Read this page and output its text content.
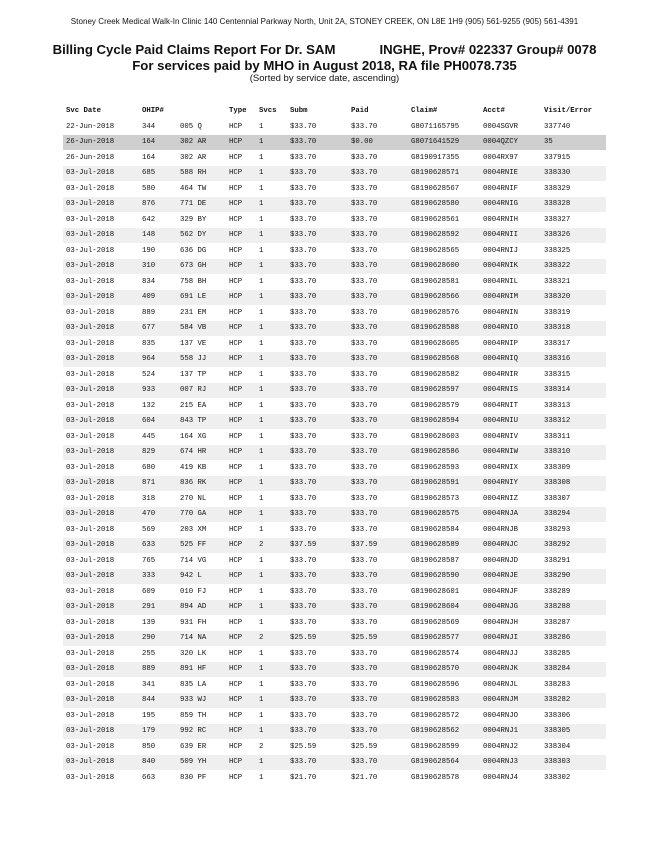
Stoney Creek Medical Walk-In Clinic 140 Centennial Parkway North, Unit 2A, STONEY CREEK, ON L8E 1H9 (905) 561-9255 (905) 561-4391
Billing Cycle Paid Claims Report For Dr. SAM	INGHE, Prov# 022337 Group# 0078
For services paid by MHO in August 2018, RA file PH0078.735
(Sorted by service date, ascending)
Svc Date	OHIP#		Type	Svcs	Subm	Paid	Claim#	Acct#	Visit/Error
22-Jun-2018	344	005 Q	HCP	1	$33.70	$33.70	G8071165795	0004SGVR	337740
26-Jun-2018	164	302 AR	HCP	1	$33.70	$0.00	G8071641529	0004QZCY	35
26-Jun-2018	164	302 AR	HCP	1	$33.70	$33.70	G8190917355	0004RX97	337915
03-Jul-2018	685	588 RH	HCP	1	$33.70	$33.70	G8190628571	0004RNIE	338330
03-Jul-2018	580	464 TW	HCP	1	$33.70	$33.70	G8190628567	0004RNIF	338329
03-Jul-2018	876	771 DE	HCP	1	$33.70	$33.70	G8190628580	0004RNIG	338328
03-Jul-2018	642	329 BY	HCP	1	$33.70	$33.70	G8190628561	0004RNIH	338327
03-Jul-2018	148	562 DY	HCP	1	$33.70	$33.70	G8190628592	0004RNII	338326
03-Jul-2018	190	636 DG	HCP	1	$33.70	$33.70	G8190628565	0004RNIJ	338325
03-Jul-2018	310	673 GH	HCP	1	$33.70	$33.70	G8190628600	0004RNIK	338322
03-Jul-2018	834	758 BH	HCP	1	$33.70	$33.70	G8190628581	0004RNIL	338321
03-Jul-2018	409	691 LE	HCP	1	$33.70	$33.70	G8190628566	0004RNIM	338320
03-Jul-2018	889	231 EM	HCP	1	$33.70	$33.70	G8190628576	0004RNIN	338319
03-Jul-2018	677	584 VB	HCP	1	$33.70	$33.70	G8190628588	0004RNIO	338318
03-Jul-2018	835	137 VE	HCP	1	$33.70	$33.70	G8190628605	0004RNIP	338317
03-Jul-2018	964	558 JJ	HCP	1	$33.70	$33.70	G8190628568	0004RNIQ	338316
03-Jul-2018	524	137 TP	HCP	1	$33.70	$33.70	G8190628582	0004RNIR	338315
03-Jul-2018	933	007 RJ	HCP	1	$33.70	$33.70	G8190628597	0004RNIS	338314
03-Jul-2018	132	215 EA	HCP	1	$33.70	$33.70	G8190628579	0004RNIT	338313
03-Jul-2018	604	843 TP	HCP	1	$33.70	$33.70	G8190628594	0004RNIU	338312
03-Jul-2018	445	164 XG	HCP	1	$33.70	$33.70	G8190628603	0004RNIV	338311
03-Jul-2018	829	674 HR	HCP	1	$33.70	$33.70	G8190628586	0004RNIW	338310
03-Jul-2018	680	419 KB	HCP	1	$33.70	$33.70	G8190628593	0004RNIX	338309
03-Jul-2018	871	836 RK	HCP	1	$33.70	$33.70	G8190628591	0004RNIY	338308
03-Jul-2018	318	270 NL	HCP	1	$33.70	$33.70	G8190628573	0004RNIZ	338307
03-Jul-2018	470	770 GA	HCP	1	$33.70	$33.70	G8190628575	0004RNJA	338294
03-Jul-2018	569	203 XM	HCP	1	$33.70	$33.70	G8190628584	0004RNJB	338293
03-Jul-2018	633	525 FF	HCP	2	$37.59	$37.59	G8190628589	0004RNJC	338292
03-Jul-2018	765	714 VG	HCP	1	$33.70	$33.70	G8190628587	0004RNJD	338291
03-Jul-2018	333	942 L	HCP	1	$33.70	$33.70	G8190628590	0004RNJE	338290
03-Jul-2018	609	010 FJ	HCP	1	$33.70	$33.70	G8190628601	0004RNJF	338289
03-Jul-2018	291	894 AD	HCP	1	$33.70	$33.70	G8190628604	0004RNJG	338288
03-Jul-2018	139	931 FH	HCP	1	$33.70	$33.70	G8190628569	0004RNJH	338287
03-Jul-2018	290	714 NA	HCP	2	$25.59	$25.59	G8190628577	0004RNJI	338286
03-Jul-2018	255	320 LK	HCP	1	$33.70	$33.70	G8190628574	0004RNJJ	338285
03-Jul-2018	889	891 HF	HCP	1	$33.70	$33.70	G8190628570	0004RNJK	338284
03-Jul-2018	341	835 LA	HCP	1	$33.70	$33.70	G8190628596	0004RNJL	338283
03-Jul-2018	844	933 WJ	HCP	1	$33.70	$33.70	G8190628583	0004RNJM	338282
03-Jul-2018	195	859 TH	HCP	1	$33.70	$33.70	G8190628572	0004RNJO	338306
03-Jul-2018	179	992 RC	HCP	1	$33.70	$33.70	G8190628562	0004RNJ1	338305
03-Jul-2018	850	639 ER	HCP	2	$25.59	$25.59	G8190628599	0004RNJ2	338304
03-Jul-2018	840	509 YH	HCP	1	$33.70	$33.70	G8190628564	0004RNJ3	338303
03-Jul-2018	663	830 PF	HCP	1	$21.70	$21.70	G8190628578	0004RNJ4	338302
